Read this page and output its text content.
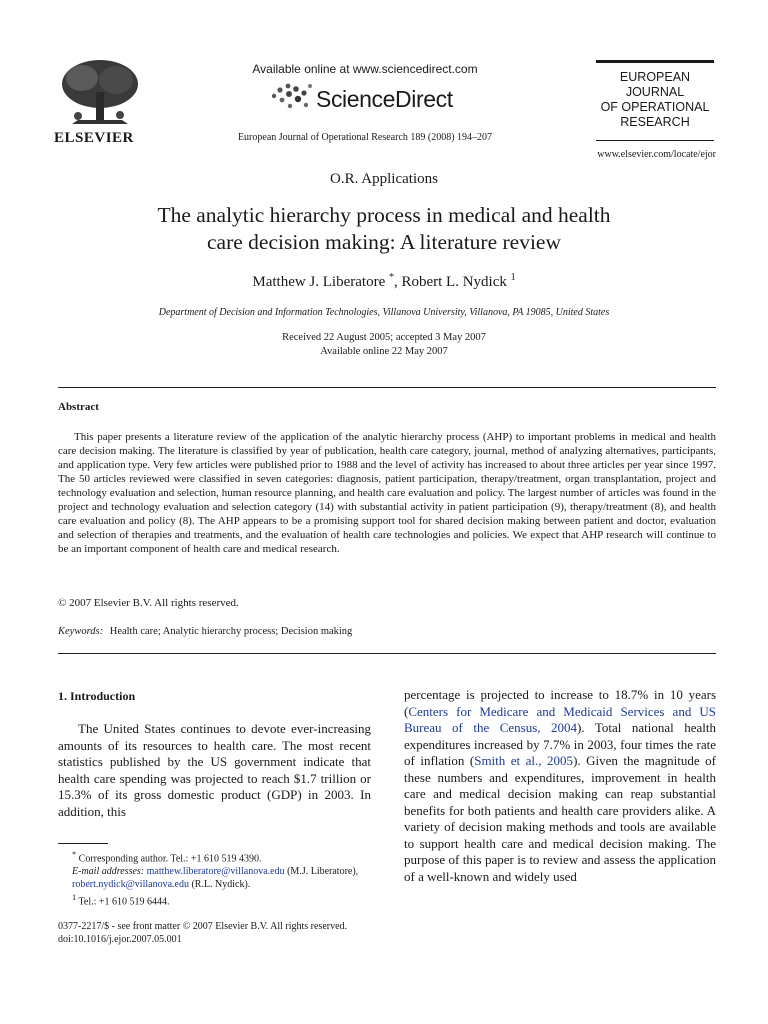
ELSEVIER
Available online at www.sciencedirect.com
ScienceDirect
European Journal of Operational Research 189 (2008) 194–207
EUROPEAN
JOURNAL
OF OPERATIONAL
RESEARCH
www.elsevier.com/locate/ejor
O.R. Applications
The analytic hierarchy process in medical and health
care decision making: A literature review
Matthew J. Liberatore *, Robert L. Nydick $^1$
Department of Decision and Information Technologies, Villanova University, Villanova, PA 19085, United States
Received 22 August 2005; accepted 3 May 2007
Available online 22 May 2007
Abstract
This paper presents a literature review of the application of the analytic hierarchy process (AHP) to important problems in medical and health care decision making. The literature is classified by year of publication, health care category, journal, method of analyzing alternatives, participants, and application type. Very few articles were published prior to 1988 and the level of activity has increased to about three articles per year since 1997. The 50 articles reviewed were classified in seven categories: diagnosis, patient participation, therapy/treatment, organ transplantation, project and technology evaluation and selection, human resource planning, and health care evaluation and policy. The largest number of articles was found in the project and technology evaluation and selection category (14) with substantial activity in patient participation (9), therapy/treatment (8), and health care evaluation and policy (8). The AHP appears to be a promising support tool for shared decision making between patient and doctor, evaluation and selection of therapies and treatments, and the evaluation of health care technologies and policies. We expect that AHP research will continue to be an important component of health care and medical research.
© 2007 Elsevier B.V. All rights reserved.
Keywords: Health care; Analytic hierarchy process; Decision making
1. Introduction
The United States continues to devote ever-increasing amounts of its resources to health care. The most recent statistics published by the US government indicate that health care spending was projected to reach $1.7 trillion or 15.3% of its gross domestic product (GDP) in 2003. In addition, this
percentage is projected to increase to 18.7% in 10 years (Centers for Medicare and Medicaid Services and US Bureau of the Census, 2004). Total national health expenditures increased by 7.7% in 2003, four times the rate of inflation (Smith et al., 2005). Given the magnitude of these numbers and expenditures, improvement in health care and medical decision making can reap substantial benefits for both patients and health care providers alike. A variety of decision making methods and tools are available to support health care and medical decision making. The purpose of this paper is to review and assess the application of a well-known and widely used

* Corresponding author. Tel.: +1 610 519 4390.

E-mail addresses: matthew.liberatore@villanova.edu (M.J. Liberatore), robert.nydick@villanova.edu (R.L. Nydick).

$^1$ Tel.: +1 610 519 6444.

0377-2217/$ - see front matter © 2007 Elsevier B.V. All rights reserved.
doi:10.1016/j.ejor.2007.05.001
